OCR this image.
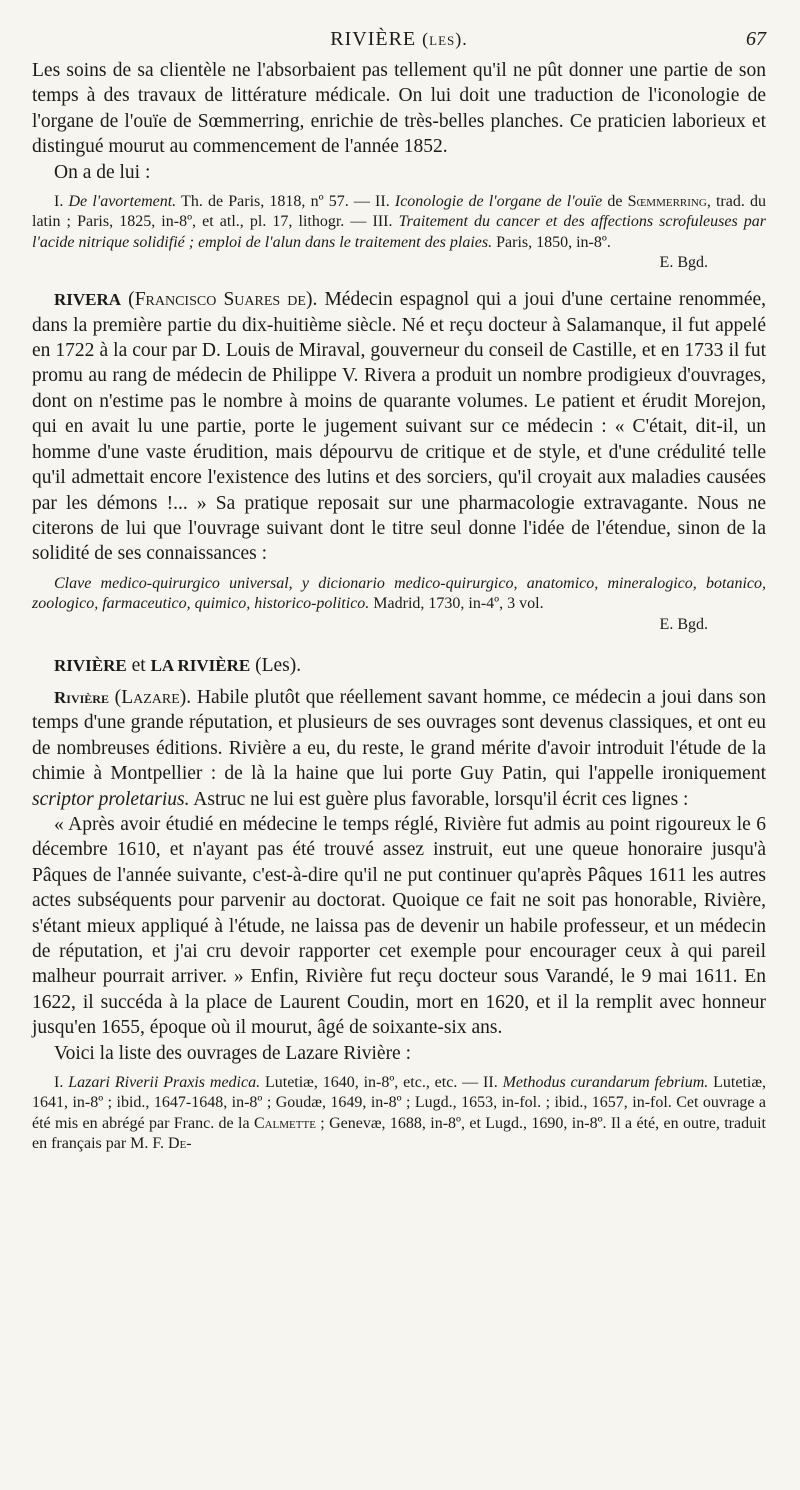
RIVIÈRE (les).	67

Les soins de sa clientèle ne l'absorbaient pas tellement qu'il ne pût donner une partie de son temps à des travaux de littérature médicale. On lui doit une traduction de l'iconologie de l'organe de l'ouïe de Sœmmerring, enrichie de très-belles planches. Ce praticien laborieux et distingué mourut au commencement de l'année 1852.

On a de lui :

I. De l'avortement. Th. de Paris, 1818, nº 57. — II. Iconologie de l'organe de l'ouïe de Sœmmerring, trad. du latin ; Paris, 1825, in-8º, et atl., pl. 17, lithogr. — III. Traitement du cancer et des affections scrofuleuses par l'acide nitrique solidifié ; emploi de l'alun dans le traitement des plaies. Paris, 1850, in-8º.

E. Bgd.

RIVERA (Francisco Suares de). Médecin espagnol qui a joui d'une certaine renommée, dans la première partie du dix-huitième siècle. Né et reçu docteur à Salamanque, il fut appelé en 1722 à la cour par D. Louis de Miraval, gouverneur du conseil de Castille, et en 1733 il fut promu au rang de médecin de Philippe V. Rivera a produit un nombre prodigieux d'ouvrages, dont on n'estime pas le nombre à moins de quarante volumes. Le patient et érudit Morejon, qui en avait lu une partie, porte le jugement suivant sur ce médecin : « C'était, dit-il, un homme d'une vaste érudition, mais dépourvu de critique et de style, et d'une crédulité telle qu'il admettait encore l'existence des lutins et des sorciers, qu'il croyait aux maladies causées par les démons !... » Sa pratique reposait sur une pharmacologie extravagante. Nous ne citerons de lui que l'ouvrage suivant dont le titre seul donne l'idée de l'étendue, sinon de la solidité de ses connaissances :

Clave medico-quirurgico universal, y dicionario medico-quirurgico, anatomico, mineralogico, botanico, zoologico, farmaceutico, quimico, historico-politico. Madrid, 1730, in-4º, 3 vol.

E. Bgd.

RIVIÈRE et LA RIVIÈRE (Les).

Rivière (Lazare). Habile plutôt que réellement savant homme, ce médecin a joui dans son temps d'une grande réputation, et plusieurs de ses ouvrages sont devenus classiques, et ont eu de nombreuses éditions. Rivière a eu, du reste, le grand mérite d'avoir introduit l'étude de la chimie à Montpellier : de là la haine que lui porte Guy Patin, qui l'appelle ironiquement scriptor proletarius. Astruc ne lui est guère plus favorable, lorsqu'il écrit ces lignes :

« Après avoir étudié en médecine le temps réglé, Rivière fut admis au point rigoureux le 6 décembre 1610, et n'ayant pas été trouvé assez instruit, eut une queue honoraire jusqu'à Pâques de l'année suivante, c'est-à-dire qu'il ne put continuer qu'après Pâques 1611 les autres actes subséquents pour parvenir au doctorat. Quoique ce fait ne soit pas honorable, Rivière, s'étant mieux appliqué à l'étude, ne laissa pas de devenir un habile professeur, et un médecin de réputation, et j'ai cru devoir rapporter cet exemple pour encourager ceux à qui pareil malheur pourrait arriver. » Enfin, Rivière fut reçu docteur sous Varandé, le 9 mai 1611. En 1622, il succéda à la place de Laurent Coudin, mort en 1620, et il la remplit avec honneur jusqu'en 1655, époque où il mourut, âgé de soixante-six ans.

Voici la liste des ouvrages de Lazare Rivière :

I. Lazari Riverii Praxis medica. Lutetiæ, 1640, in-8º, etc., etc. — II. Methodus curandarum febrium. Lutetiæ, 1641, in-8º ; ibid., 1647-1648, in-8º ; Goudæ, 1649, in-8º ; Lugd., 1653, in-fol. ; ibid., 1657, in-fol. Cet ouvrage a été mis en abrégé par Franc. de la Calmette ; Genevæ, 1688, in-8º, et Lugd., 1690, in-8º. Il a été, en outre, traduit en français par M. F. De-
